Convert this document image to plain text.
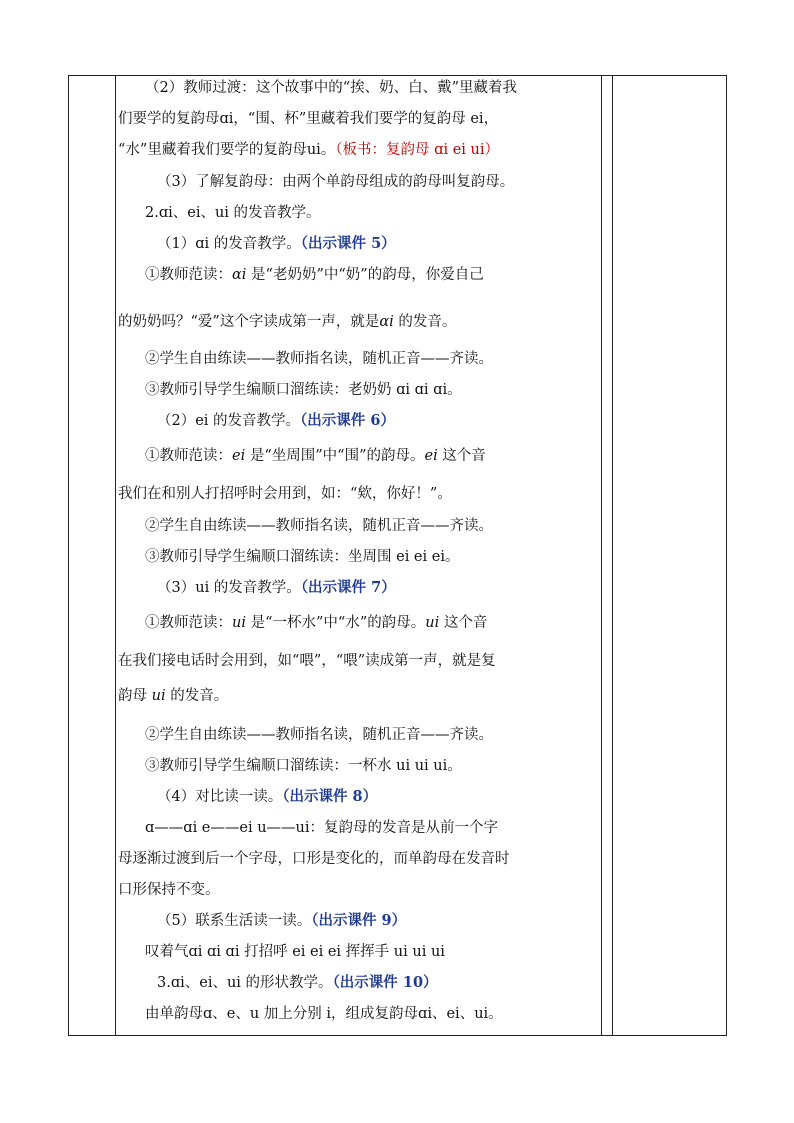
（2）教师过渡：这个故事中的“挨、奶、白、戴”里藏着我
们要学的复韵母ɑi，“围、杯”里藏着我们要学的复韵母 ei，
“水”里藏着我们要学的复韵母ui。（板书：复韵母 ɑi ei ui）
（3）了解复韵母：由两个单韵母组成的韵母叫复韵母。
2.ɑi、ei、ui 的发音教学。
（1）ɑi 的发音教学。（出示课件 5）
①教师范读：ɑi 是“老奶奶”中“奶”的韵母，你爱自己
的奶奶吗？“爱”这个字读成第一声，就是ɑi 的发音。
②学生自由练读——教师指名读，随机正音——齐读。
③教师引导学生编顺口溜练读：老奶奶 ɑi ɑi ɑi。
（2）ei 的发音教学。（出示课件 6）
①教师范读：ei 是“坐周围”中“围”的韵母。ei 这个音
我们在和别人打招呼时会用到，如：“欸，你好！”。
②学生自由练读——教师指名读，随机正音——齐读。
③教师引导学生编顺口溜练读：坐周围 ei ei ei。
（3）ui 的发音教学。（出示课件 7）
①教师范读：ui 是“一杯水”中“水”的韵母。ui 这个音
在我们接电话时会用到，如“喂”，“喂”读成第一声，就是复
韵母 ui 的发音。
②学生自由练读——教师指名读，随机正音——齐读。
③教师引导学生编顺口溜练读：一杯水 ui ui ui。
（4）对比读一读。（出示课件 8）
ɑ——ɑi e——ei u——ui：复韵母的发音是从前一个字
母逐渐过渡到后一个字母，口形是变化的，而单韵母在发音时
口形保持不变。
（5）联系生活读一读。（出示课件 9）
叹着气ɑi ɑi ɑi 打招呼 ei ei ei 挥挥手 ui ui ui
3.ɑi、ei、ui 的形状教学。（出示课件 10）
由单韵母ɑ、e、u 加上分别 i，组成复韵母ɑi、ei、ui。
